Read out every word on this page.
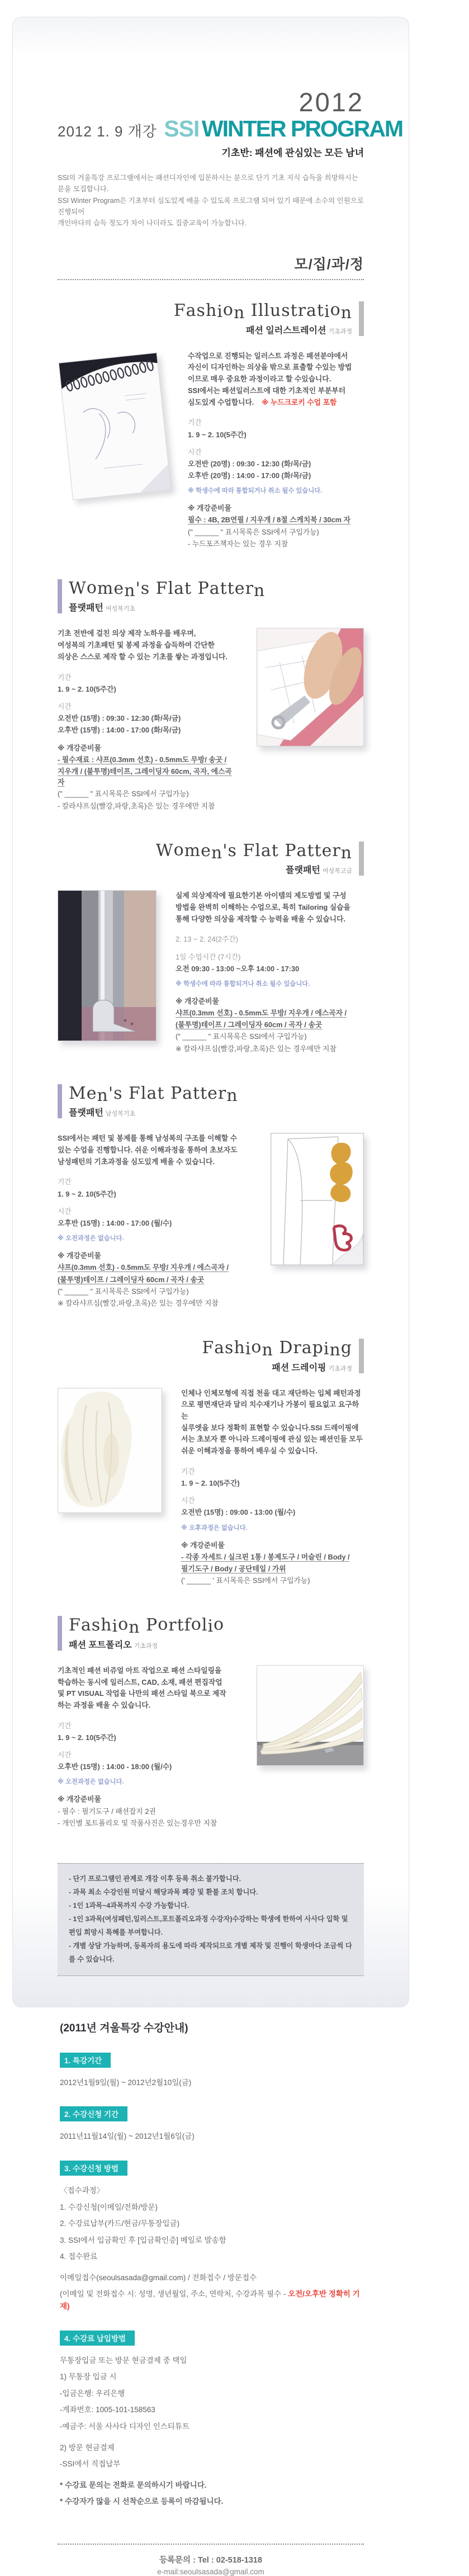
2012
2012 1. 9 개강 SSI WINTER PROGRAM
기초반: 패션에 관심있는 모든 남녀
SSI의 겨울특강 프로그램에서는 패션디자인에 입문하시는 분으로 단기 기초 지식 습득을 희망하시는 분을 모집합니다.
SSI Winter Program은 기초부터 심도있게 배울 수 있도록 프로그램 되어 있기 때문에 소수의 인원으로 진행되어
개인마다의 습득 정도가 차이 나더라도 집중교육이 가능합니다.
모/집/과/정
Fashion Illustration
패션 일러스트레이션 기초과정

수작업으로 진행되는 일러스트 과정은 패션분야에서
자신이 디자인하는 의상을 밖으로 표출할 수있는 방법
이므로 매우 중요한 과정이라고 할 수있습니다.
SSI에서는 패션일러스트에 대한 기초적인 부분부터
심도있게 수업합니다. ※ 누드크로키 수업 포함

기간
1. 9 ~ 2. 10(5주간)
시간
오전반 (20명) : 09:30 - 12:30 (화/목/금)
오후반 (20명) : 14:00 - 17:00 (화/목/금)
※ 학생수에 따라 통합되거나 취소 될수 있습니다.
※ 개강준비물
필수 : 4B, 2B연필 / 지우개 / 8절 스케치북 / 30cm 자
(" ______ " 표시목록은 SSI에서 구입가능)
- 누드포즈책자는 있는 경우 지참
Women's Flat Pattern
플랫패턴 여성복기초

기초 전반에 걸친 의상 제작 노하우를 배우며,
여성복의 기초패턴 및 봉제 과정을 습득하여 간단한
의상은 스스로 제작 할 수 있는 기초를 쌓는 과정입니다.

기간
1. 9 ~ 2. 10(5주간)
시간
오전반 (15명) : 09:30 - 12:30 (화/목/금)
오후반 (15명) : 14:00 - 17:00 (화/목/금)
※ 개강준비물
- 필수재료 : 샤프(0.3mm 선호) - 0.5mm도 무방/ 송곳 /
지우개 / (불투명)테이프, 그레이딩자 60cm, 곡자, 에스곡자
(" ______ " 표시목록은 SSI에서 구입가능)
- 칼라샤프심(빨강,파랑,초록)은 있는 경우에만 지참
Women's Flat Pattern
플랫패턴 여성복고급

실제 의상제작에 필요한기본 아이템의 제도방법 및 구성
방법을 완벽히 이해하는 수업으로, 특히 Tailoring 실습을
통해 다양한 의상을 제작할 수 능력을 배울 수 있습니다.

2. 13 ~ 2. 24(2주간)
1일 수업시간 (7시간)
오전 09:30 - 13:00 ~오후 14:00 - 17:30
※ 학생수에 따라 통합되거나 취소 될수 있습니다.
※ 개강준비물
샤프(0.3mm 선호) - 0.5mm도 무방/ 지우개 / 에스곡자 /
(불투명)테이프 / 그레이딩자 60cm / 곡자 / 송곳
(" ______ " 표시목록은 SSI에서 구입가능)
※ 칼라샤프심(빨강,파랑,초록)은 있는 경우에만 지참
Men's Flat Pattern
플랫패턴 남성복기초

SSI에서는 패턴 및 봉제를 통해 남성복의 구조를 이해할 수
있는 수업을 진행합니다. 쉬운 이해과정을 통하여 초보자도
남성패턴의 기초과정을 심도있게 배울 수 있습니다.

기간
1. 9 ~ 2. 10(5주간)
시간
오후반 (15명) : 14:00 - 17:00 (월/수)
※ 오전과정은 없습니다.
※ 개강준비물
샤프(0.3mm 선호) - 0.5mm도 무방/ 지우개 / 에스곡자 /
(불투명)테이프 / 그레이딩자 60cm / 곡자 / 송곳
(" ______ " 표시목록은 SSI에서 구입가능)
※ 칼라샤프심(빨강,파랑,초록)은 있는 경우에만 지참
Fashion Draping
패션 드레이핑 기초과정

인체나 인체모형에 직접 천을 대고 재단하는 입체 패턴과정
으로 평면재단과 달리 치수재기나 가봉이 필요없고 요구하는
실루엣을 보다 정확히 표현할 수 있습니다.SSI 드레이핑에
서는 초보자 뿐 아니라 드레이핑에 관심 있는 패션인들 모두
쉬운 이해과정을 통하여 배우실 수 있습니다.

기간
1. 9 ~ 2. 10(5주간)
시간
오전반 (15명) : 09:00 - 13:00 (월/수)
※ 오후과정은 없습니다.
※ 개강준비물
- 각종 자세트 / 실크핀 1통 / 봉제도구 / 머슬린 / Body /
필기도구 / Body / 공단테일 / 가위
(' ______ ' 표시목록은 SSI에서 구입가능)
Fashion Portfolio
패션 포트폴리오 기초과정

기초적인 패션 비쥬얼 아트 작업으로 패션 스타일링을
학습하는 동시에 일러스트, CAD, 소재, 패션 편집작업
및 PT VISUAL 작업을 나만의 패션 스타일 북으로 제작
하는 과정을 배울 수 있습니다.

기간
1. 9 ~ 2. 10(5주간)
시간
오후반 (15명) : 14:00 - 18:00 (월/수)
※ 오전과정은 없습니다.
※ 개강준비물
- 필수 : 필기도구 / 패션잡지 2권
- 개인별 포트폴리오 및 작품사진은 있는경우만 지참
- 단기 프로그램인 관계로 개강 이후 등록 취소 불가합니다.
- 과목 최소 수강인원 미달시 해당과목 폐강 및 환불 조치 합니다.
- 1인 1과목~4과목까지 수강 가능합니다.
- 1인 3과목(여성패턴,일러스트,포트폴리오과정 수강자)수강하는 학생에 한하여 사사다 입학 및 편입 희망시 특혜를 부여합니다.
- 개별 상담 가능하며, 등록자의 용도에 따라 제작되므로 개별 제작 및 진행이 학생마다 조금씩 다를 수 있습니다.
(2011년 겨울특강 수강안내)
1. 특강기간
2012년1월9일(월) ~ 2012년2월10일(금)
2. 수강신청 기간
2011년11월14일(월) ~ 2012년1월6일(금)
3. 수강신청 방법
〈접수과정〉
1. 수강신청(이메일/전화/방문)
2. 수강료납부(카드/현금/무통장입금)
3. SSI에서 입금확인 후 [입금확인증] 메일로 발송함
4. 접수완료
이메일접수(seoulsasada@gmail.com) / 전화접수 / 방문접수
(이메일 및 전화접수 시: 성명, 생년월일, 주소, 연락처, 수강과목 필수 - 오전/오후반 정확히 기재)
4. 수강료 납입방법
무통장입금 또는 방문 현금결제 중 택일
1) 무통장 입금 시
-입금은행: 우리은행
-계좌번호: 1005-101-158563
-예금주: 서울 사사다 디자인 인스티튜트
2) 방문 현금결제
-SSI에서 직접납부
* 수강료 문의는 전화로 문의하시기 바랍니다.
* 수강자가 많을 시 선착순으로 등록이 마감됩니다.
등록문의 : Tel : 02-518-1318
e-mail:seoulsasada@gmail.com
